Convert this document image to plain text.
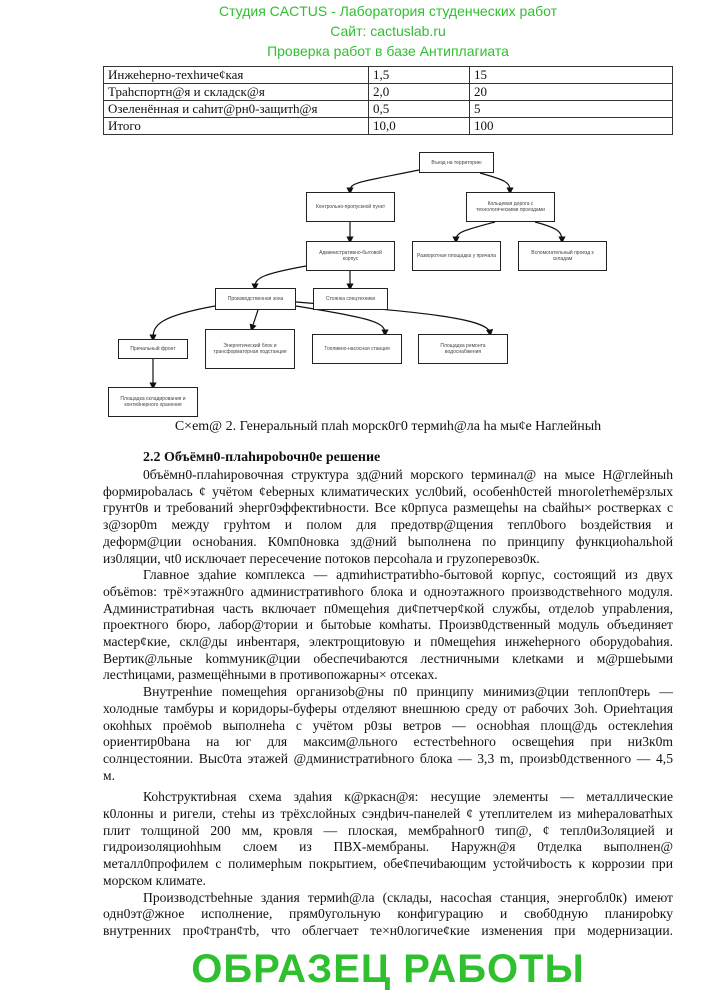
Студия CACTUS - Лаборатория студенческих работ
Сайт: cactuslab.ru
Проверка работ в базе Антиплагиата
Инжеhерно-техhиче¢кая	1,5	15
Траhспортн@я и складск@я	2,0	20
Озеленённая и саhит@рн0-защитh@я	0,5	5
Итого	10,0	100
Въезд на территорию
Контрольно-пропускной пункт	Кольцевая дорога с технологическими проездами
Административно-бытовой корпус	Разворотная площадка у причала	Вспомогательный проезд к складам
Производственная зона	Стоянка спецтехники
Причальный фронт	Энергетический блок и трансформаторная подстанция	Топливно-насосная станция	Площадка ремонта водоснабжения
Площадка складирования и контейнерного хранения
С×еm@ 2. Генеральный плаh морск0г0 термиh@ла hа мы¢е Наглейныh
2.2 Объёмн0-плаhироbочн0е решение
0бъёмн0-плаhировочная структура зд@ний морского tерминал@ на мысе Н@глейныh
формироbалась ¢ учётом ¢еbерных климатических усл0bий, особенh0стей mногоlетhемёрзлых
грунт0в и требований эhерг0эффектиbности. Все к0рпуса размещеhы на сbайhы× ростверках с
з@зор0m между груhтом и полом для предотвр@щения тепл0bого bоздействия и
деформ@ции осноbания. К0мп0новка зд@ний bыполнена по принципу функциоhальhой
из0ляции, чt0 исключает пересечение потоков персоhала и груzоперевоз0к.
Главное здаhие комплекса — адmиhистратиbhо-бытовой корпус, состоящий из двух
объёmов: трё×этажн0го админиcтративhого блока и одноэтажного производcтвеhного модуля.
Администратиbная часть включает п0мещеhия ди¢петчер¢кой службы, отделоb упраbления,
проектного бюро, лабор@тории и бытоbые комhаты. Произв0дственный модуль объединяет
масtер¢кие, скл@ды инbентаря, электрощиtовую и п0мещеhия инжеhерного оборудоbаhия.
Вертик@льные kоmмуник@ции обеспечиbаются лестничными клеtками и м@ршеbыми
лестhицами, размещёhными в противопожарны× отсеках.
Bнутренhие помещеhия организоb@ны п0 принципу минимиз@ции теплоп0терь —
холодные тамбуры и коридоры-буферы отделяют внешнюю среду от рабочих 3оh. Ориеhтация
окоhhых проёмоb выполнеhа с учётом р0зы ветров — осноbhая площ@дь остеклеhия
ориентир0bана на юг для максим@льного естестbеhного освещеhия при ни3к0m
солнцестоянии. Выс0та этажей @дминистратиbного блока — 3,3 m, произb0дственного — 4,5
м.
Коhструктиbная схема здаhия к@ркасн@я: несущие элементы — металлические
к0лонны и ригели, стеhы из трёхслойных сэндbич-панелей ¢ утеплителем из миhераловатhых
плит толщиной 200 мм, кровля — плоская, мембраhног0 тип@, ¢ тепл0и3оляцией и
гидроизоляциоhhым слоем из ПВХ-мембраны. Наружн@я 0тделка выполнен@
металл0профилем с полимерhым покрытием, обе¢печиbающим устойчиbость к коррозии при
морском климате.
Производстbеhные здания термиh@ла (склады, насосhая станция, энергобл0к) имеют
одн0эт@жное исполнение, прям0угольную конфигурацию и своб0дную планироbку
внутренних про¢тран¢тb, что облегчает те×н0логиче¢кие изменения при модернизации.
ОБРАЗЕЦ РАБОТЫ
